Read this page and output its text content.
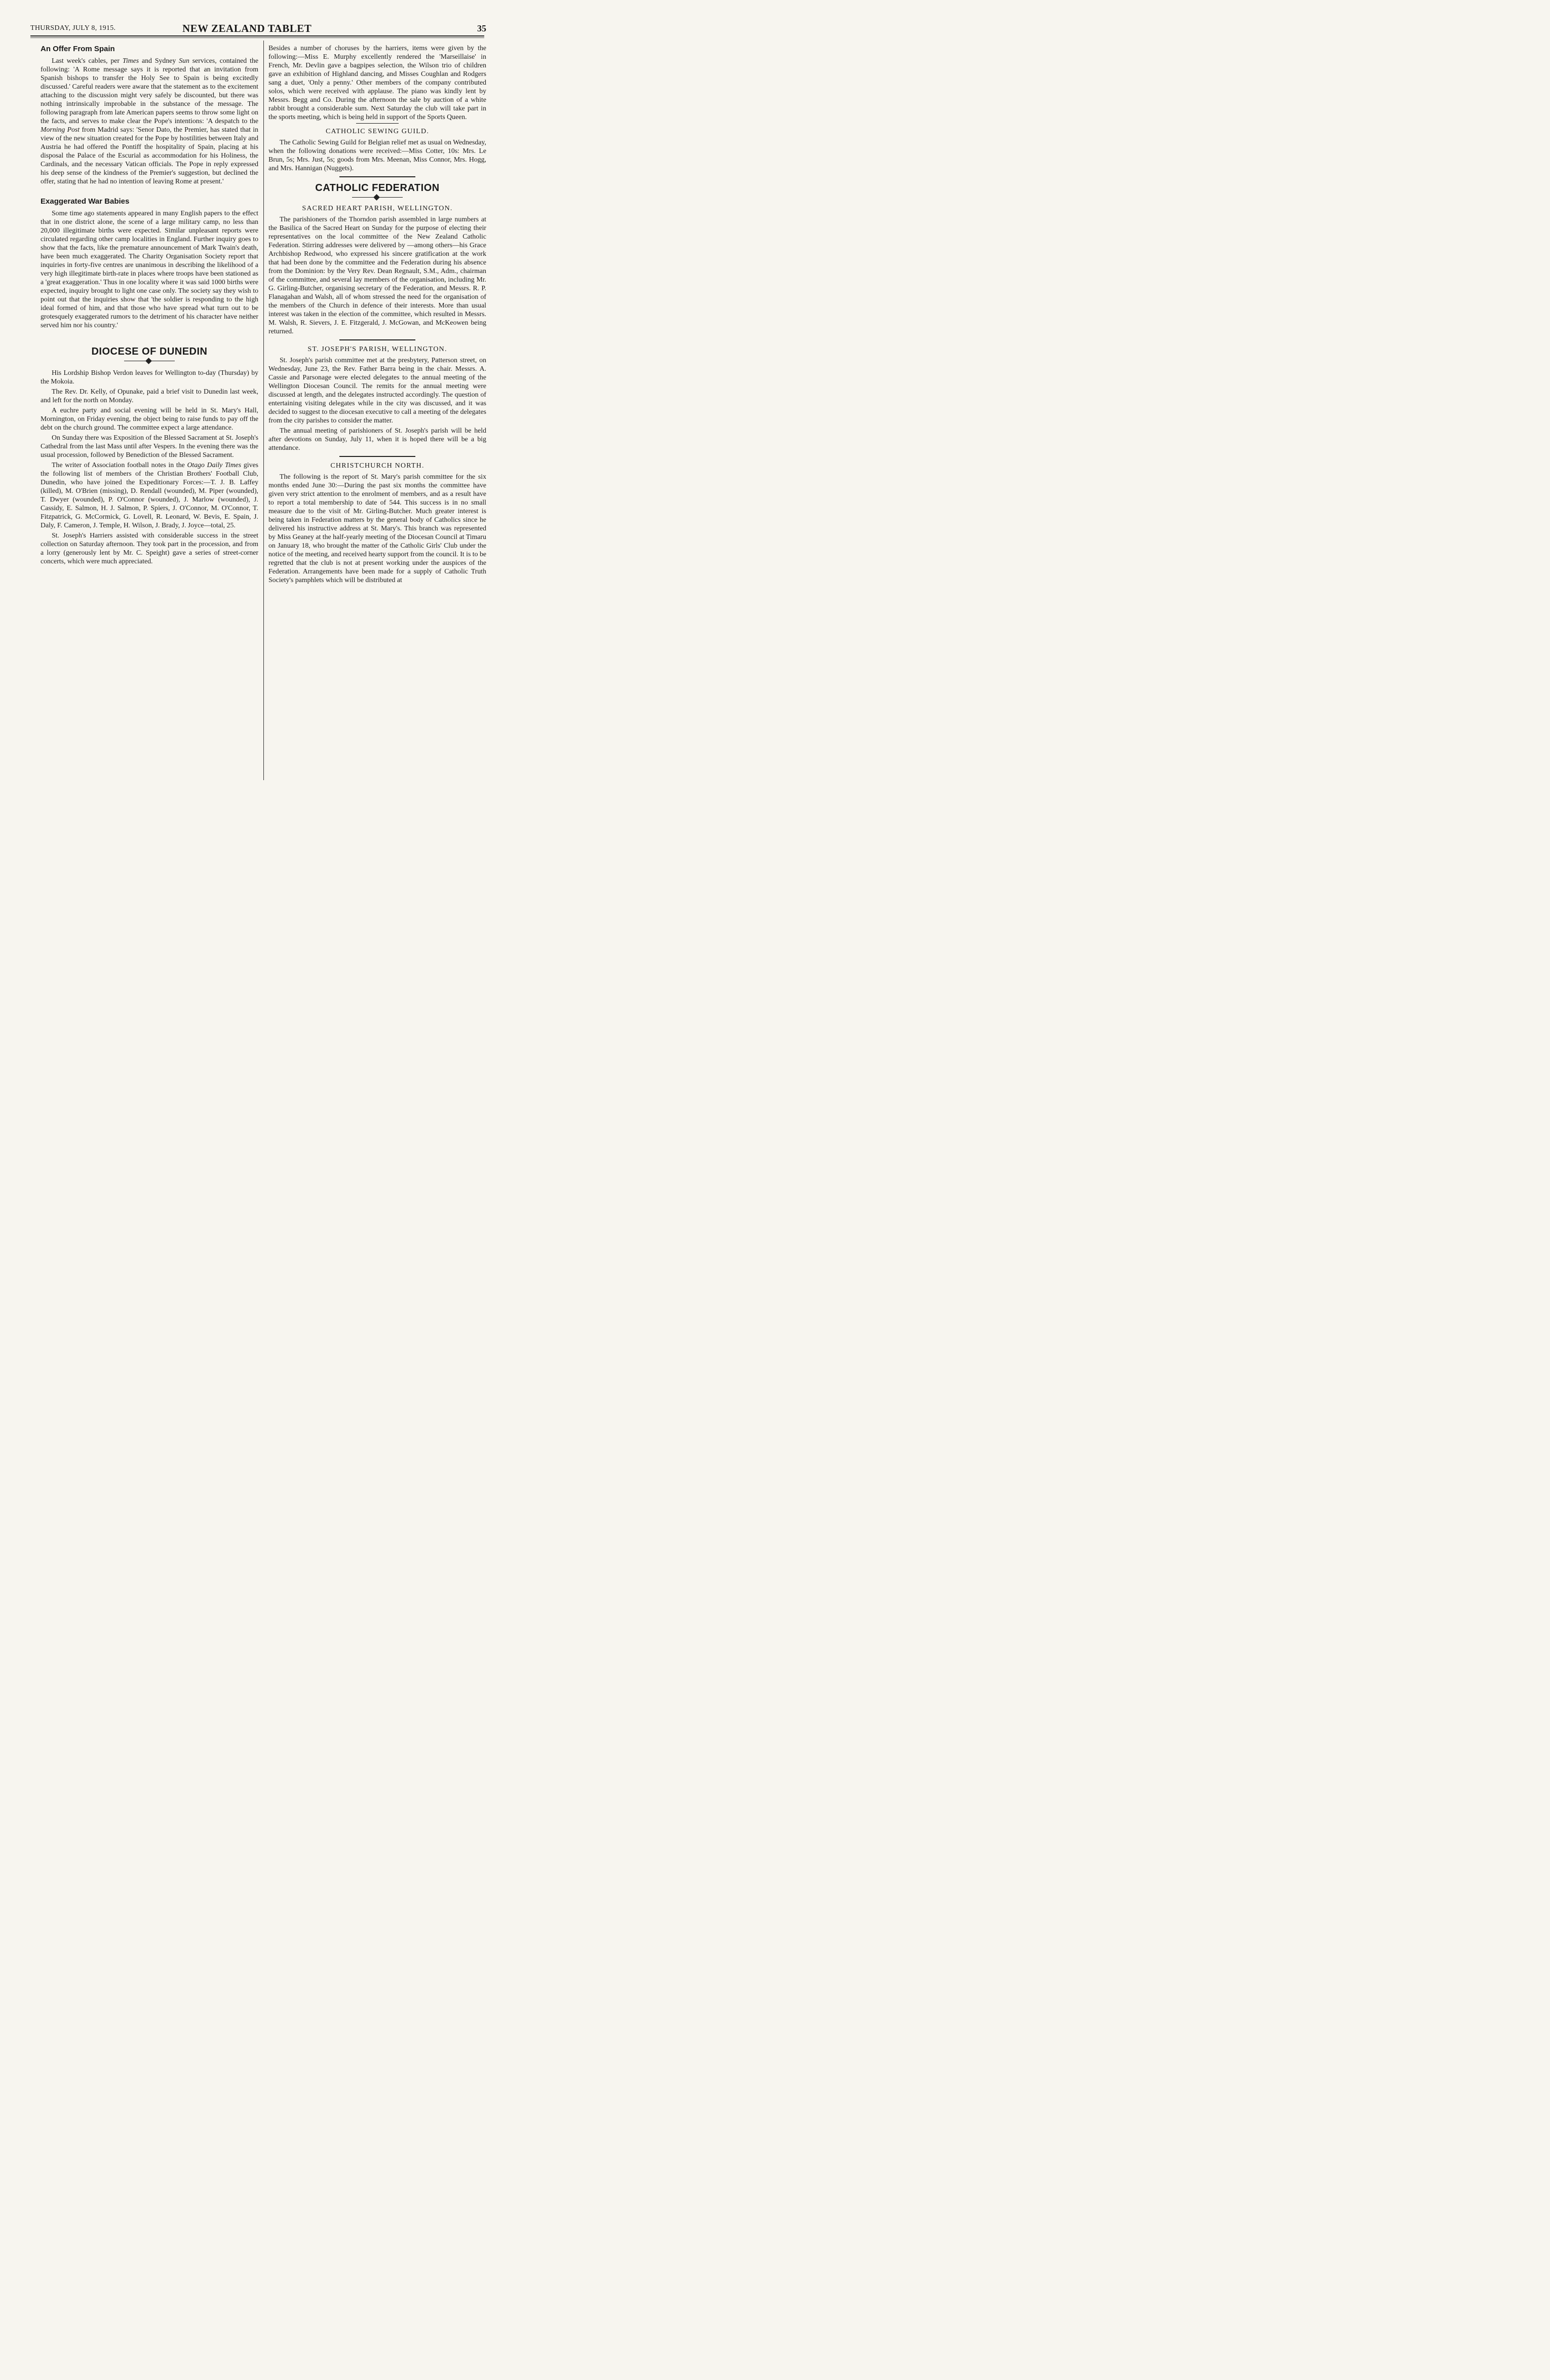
THURSDAY, JULY 8, 1915.	NEW ZEALAND TABLET	35
An Offer From Spain

Last week's cables, per Times and Sydney Sun services, contained the following: 'A Rome message says it is reported that an invitation from Spanish bishops to transfer the Holy See to Spain is being excitedly discussed.' Careful readers were aware that the statement as to the excitement attaching to the discussion might very safely be discounted, but there was nothing intrinsically improbable in the substance of the message. The following paragraph from late American papers seems to throw some light on the facts, and serves to make clear the Pope's intentions: 'A despatch to the Morning Post from Madrid says: 'Senor Dato, the Premier, has stated that in view of the new situation created for the Pope by hostilities between Italy and Austria he had offered the Pontiff the hospitality of Spain, placing at his disposal the Palace of the Escurial as accommodation for his Holiness, the Cardinals, and the necessary Vatican officials. The Pope in reply expressed his deep sense of the kindness of the Premier's suggestion, but declined the offer, stating that he had no intention of leaving Rome at present.'

Exaggerated War Babies

Some time ago statements appeared in many English papers to the effect that in one district alone, the scene of a large military camp, no less than 20,000 illegitimate births were expected. Similar unpleasant reports were circulated regarding other camp localities in England. Further inquiry goes to show that the facts, like the premature announcement of Mark Twain's death, have been much exaggerated. The Charity Organisation Society report that inquiries in forty-five centres are unanimous in describing the likelihood of a very high illegitimate birth-rate in places where troops have been stationed as a 'great exaggeration.' Thus in one locality where it was said 1000 births were expected, inquiry brought to light one case only. The society say they wish to point out that the inquiries show that 'the soldier is responding to the high ideal formed of him, and that those who have spread what turn out to be grotesquely exaggerated rumors to the detriment of his character have neither served him nor his country.'

DIOCESE OF DUNEDIN

His Lordship Bishop Verdon leaves for Wellington to-day (Thursday) by the Mokoia.

The Rev. Dr. Kelly, of Opunake, paid a brief visit to Dunedin last week, and left for the north on Monday.

A euchre party and social evening will be held in St. Mary's Hall, Mornington, on Friday evening, the object being to raise funds to pay off the debt on the church ground. The committee expect a large attendance.

On Sunday there was Exposition of the Blessed Sacrament at St. Joseph's Cathedral from the last Mass until after Vespers. In the evening there was the usual procession, followed by Benediction of the Blessed Sacrament.

The writer of Association football notes in the Otago Daily Times gives the following list of members of the Christian Brothers' Football Club, Dunedin, who have joined the Expeditionary Forces:—T. J. B. Laffey (killed), M. O'Brien (missing), D. Rendall (wounded), M. Piper (wounded), T. Dwyer (wounded), P. O'Connor (wounded), J. Marlow (wounded), J. Cassidy, E. Salmon, H. J. Salmon, P. Spiers, J. O'Connor, M. O'Connor, T. Fitzpatrick, G. McCormick, G. Lovell, R. Leonard, W. Bevis, E. Spain, J. Daly, F. Cameron, J. Temple, H. Wilson, J. Brady, J. Joyce—total, 25.

St. Joseph's Harriers assisted with considerable success in the street collection on Saturday afternoon. They took part in the procession, and from a lorry (generously lent by Mr. C. Speight) gave a series of street-corner concerts, which were much appreciated.

Besides a number of choruses by the harriers, items were given by the following:—Miss E. Murphy excellently rendered the 'Marseillaise' in French, Mr. Devlin gave a bagpipes selection, the Wilson trio of children gave an exhibition of Highland dancing, and Misses Coughlan and Rodgers sang a duet, 'Only a penny.' Other members of the company contributed solos, which were received with applause. The piano was kindly lent by Messrs. Begg and Co. During the afternoon the sale by auction of a white rabbit brought a considerable sum. Next Saturday the club will take part in the sports meeting, which is being held in support of the Sports Queen.

CATHOLIC SEWING GUILD.

The Catholic Sewing Guild for Belgian relief met as usual on Wednesday, when the following donations were received:—Miss Cotter, 10s: Mrs. Le Brun, 5s; Mrs. Just, 5s; goods from Mrs. Meenan, Miss Connor, Mrs. Hogg, and Mrs. Hannigan (Nuggets).

CATHOLIC FEDERATION
SACRED HEART PARISH, WELLINGTON.

The parishioners of the Thorndon parish assembled in large numbers at the Basilica of the Sacred Heart on Sunday for the purpose of electing their representatives on the local committee of the New Zealand Catholic Federation. Stirring addresses were delivered by —among others—his Grace Archbishop Redwood, who expressed his sincere gratification at the work that had been done by the committee and the Federation during his absence from the Dominion: by the Very Rev. Dean Regnault, S.M., Adm., chairman of the committee, and several lay members of the organisation, including Mr. G. Girling-Butcher, organising secretary of the Federation, and Messrs. R. P. Flanagahan and Walsh, all of whom stressed the need for the organisation of the members of the Church in defence of their interests. More than usual interest was taken in the election of the committee, which resulted in Messrs. M. Walsh, R. Sievers, J. E. Fitzgerald, J. McGowan, and McKeowen being returned.

ST. JOSEPH'S PARISH, WELLINGTON.

St. Joseph's parish committee met at the presbytery, Patterson street, on Wednesday, June 23, the Rev. Father Barra being in the chair. Messrs. A. Cassie and Parsonage were elected delegates to the annual meeting of the Wellington Diocesan Council. The remits for the annual meeting were discussed at length, and the delegates instructed accordingly. The question of entertaining visiting delegates while in the city was discussed, and it was decided to suggest to the diocesan executive to call a meeting of the delegates from the city parishes to consider the matter.

The annual meeting of parishioners of St. Joseph's parish will be held after devotions on Sunday, July 11, when it is hoped there will be a big attendance.

CHRISTCHURCH NORTH.

The following is the report of St. Mary's parish committee for the six months ended June 30:—During the past six months the committee have given very strict attention to the enrolment of members, and as a result have to report a total membership to date of 544. This success is in no small measure due to the visit of Mr. Girling-Butcher. Much greater interest is being taken in Federation matters by the general body of Catholics since he delivered his instructive address at St. Mary's. This branch was represented by Miss Geaney at the half-yearly meeting of the Diocesan Council at Timaru on January 18, who brought the matter of the Catholic Girls' Club under the notice of the meeting, and received hearty support from the council. It is to be regretted that the club is not at present working under the auspices of the Federation. Arrangements have been made for a supply of Catholic Truth Society's pamphlets which will be distributed at
